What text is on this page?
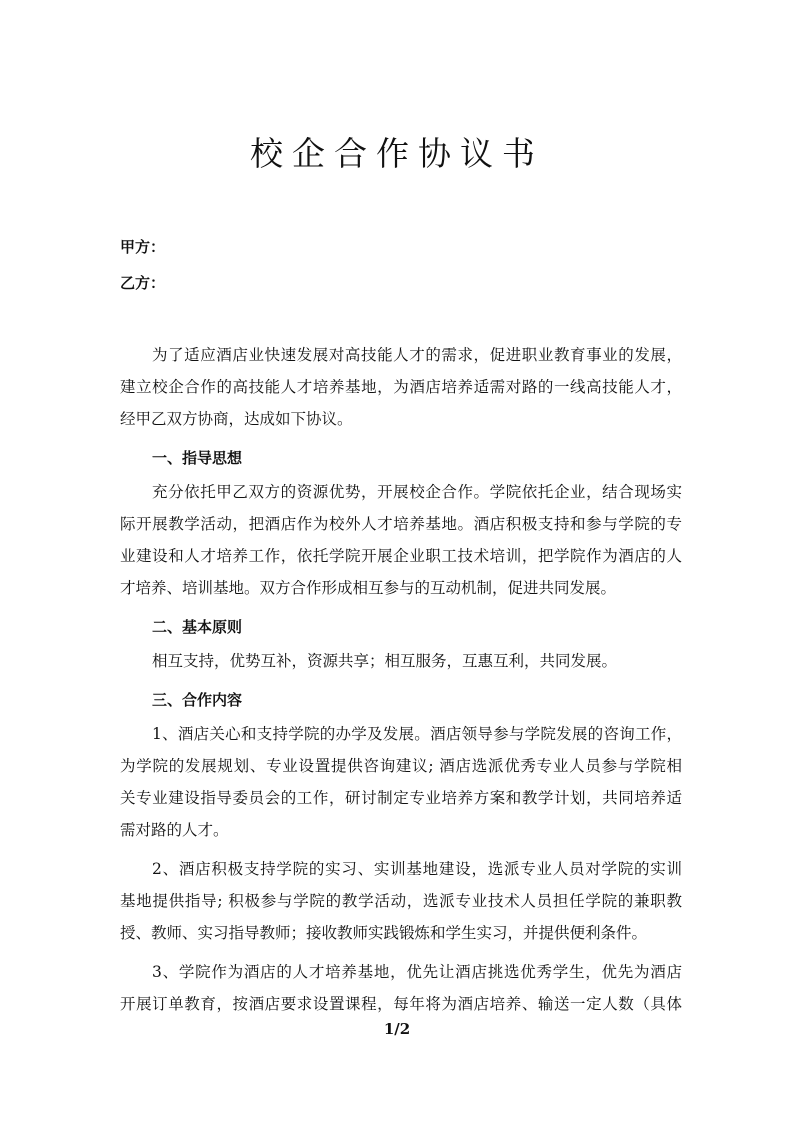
校企合作协议书
甲方：
乙方：
为了适应酒店业快速发展对高技能人才的需求，促进职业教育事业的发展，
建立校企合作的高技能人才培养基地，为酒店培养适需对路的一线高技能人才，
经甲乙双方协商，达成如下协议。
一、指导思想
充分依托甲乙双方的资源优势，开展校企合作。学院依托企业，结合现场实
际开展教学活动，把酒店作为校外人才培养基地。酒店积极支持和参与学院的专
业建设和人才培养工作，依托学院开展企业职工技术培训，把学院作为酒店的人
才培养、培训基地。双方合作形成相互参与的互动机制，促进共同发展。
二、基本原则
相互支持，优势互补，资源共享；相互服务，互惠互利，共同发展。
三、合作内容
1、酒店关心和支持学院的办学及发展。酒店领导参与学院发展的咨询工作，
为学院的发展规划、专业设置提供咨询建议; 酒店选派优秀专业人员参与学院相
关专业建设指导委员会的工作，研讨制定专业培养方案和教学计划，共同培养适
需对路的人才。
2、酒店积极支持学院的实习、实训基地建设，选派专业人员对学院的实训
基地提供指导; 积极参与学院的教学活动，选派专业技术人员担任学院的兼职教
授、教师、实习指导教师；接收教师实践锻炼和学生实习，并提供便利条件。
3、学院作为酒店的人才培养基地，优先让酒店挑选优秀学生，优先为酒店
开展订单教育，按酒店要求设置课程，每年将为酒店培养、输送一定人数（具体
1/2
